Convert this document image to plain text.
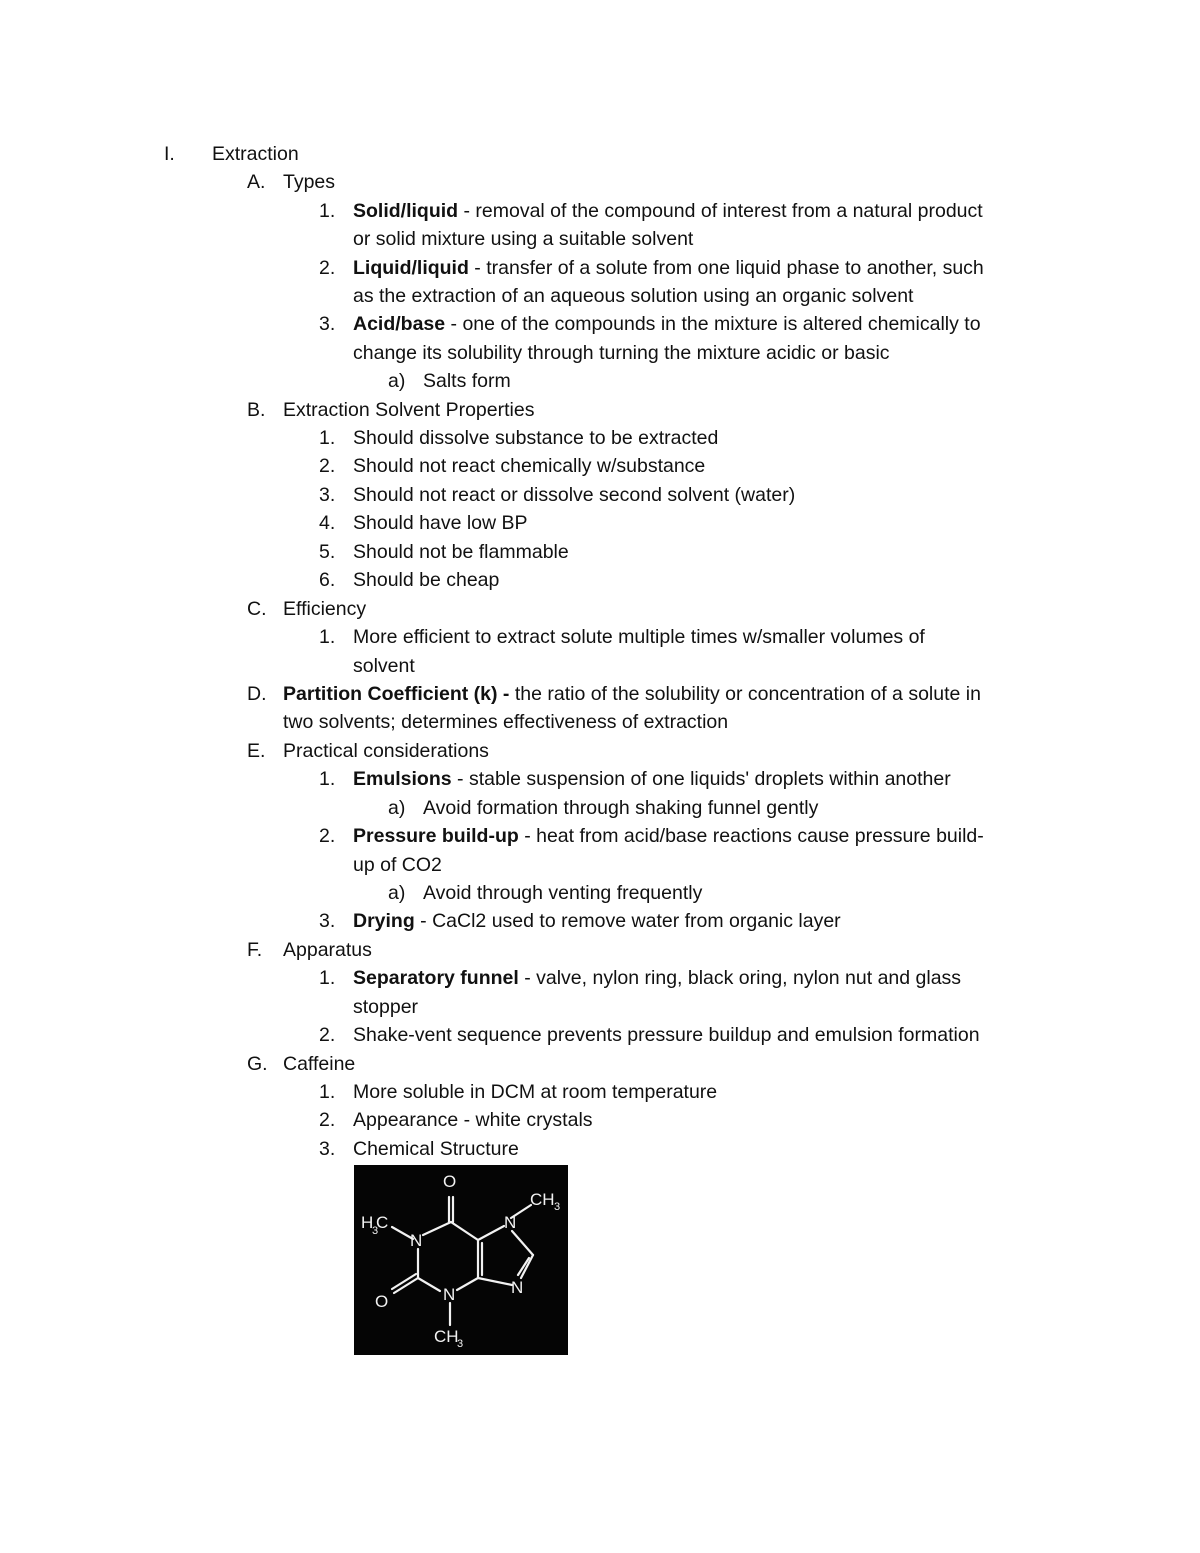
I. Extraction
A. Types
1. Solid/liquid - removal of the compound of interest from a natural product
or solid mixture using a suitable solvent
2. Liquid/liquid - transfer of a solute from one liquid phase to another, such
as the extraction of an aqueous solution using an organic solvent
3. Acid/base - one of the compounds in the mixture is altered chemically to
change its solubility through turning the mixture acidic or basic
a) Salts form
B. Extraction Solvent Properties
1. Should dissolve substance to be extracted
2. Should not react chemically w/substance
3. Should not react or dissolve second solvent (water)
4. Should have low BP
5. Should not be flammable
6. Should be cheap
C. Efficiency
1. More efficient to extract solute multiple times w/smaller volumes of
solvent
D. Partition Coefficient (k) - the ratio of the solubility or concentration of a solute in
two solvents; determines effectiveness of extraction
E. Practical considerations
1. Emulsions - stable suspension of one liquids' droplets within another
a) Avoid formation through shaking funnel gently
2. Pressure build-up - heat from acid/base reactions cause pressure build-
up of CO2
a) Avoid through venting frequently
3. Drying - CaCl2 used to remove water from organic layer
F. Apparatus
1. Separatory funnel - valve, nylon ring, black oring, nylon nut and glass
stopper
2. Shake-vent sequence prevents pressure buildup and emulsion formation
G. Caffeine
1. More soluble in DCM at room temperature
2. Appearance - white crystals
3. Chemical Structure
O
O
N
N
N
N
H C
3
CH 3
CH
3
